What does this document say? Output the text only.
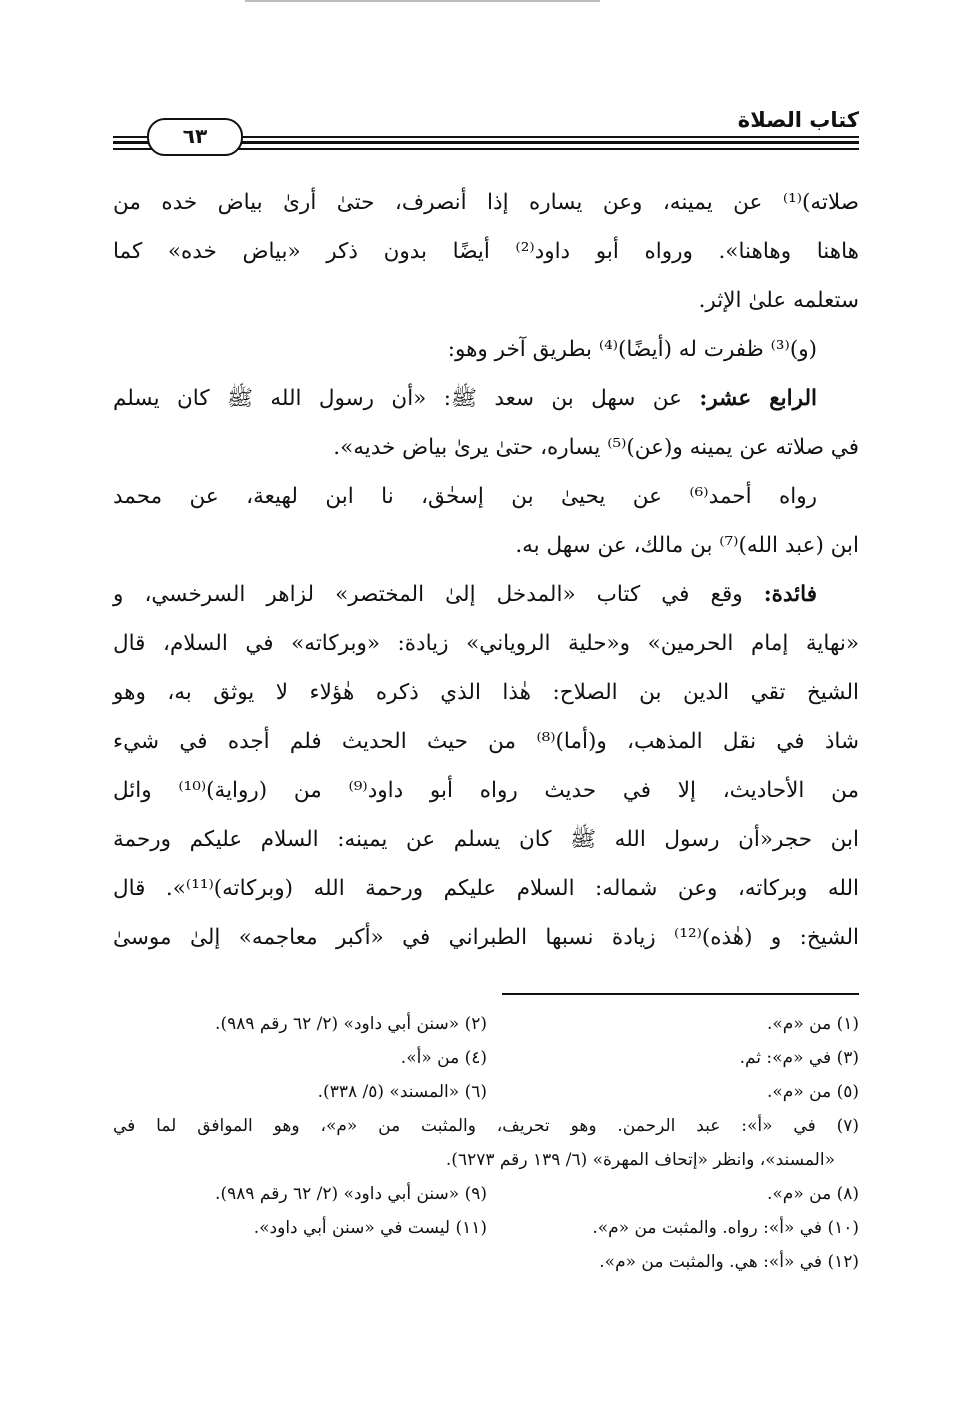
كتاب الصلاة
٦٣
صلاته)⁽¹⁾ عن يمينه، وعن يساره إذا أنصرف، حتىٰ أرىٰ بياض خده من
هاهنا وهاهنا». ورواه أبو داود⁽²⁾ أيضًا بدون ذكر «بياض خده» كما
ستعلمه علىٰ الإثر.
(و)⁽³⁾ ظفرت له (أيضًا)⁽⁴⁾ بطريق آخر وهو:
الرابع عشر: عن سهل بن سعد ﷺ: «أن رسول الله ﷺ كان يسلم
في صلاته عن يمينه و(عن)⁽⁵⁾ يساره، حتىٰ يرىٰ بياض خديه».
رواه أحمد⁽⁶⁾ عن يحيىٰ بن إسحٰق، نا ابن لهيعة، عن محمد
ابن (عبد الله)⁽⁷⁾ بن مالك، عن سهل به.
فائدة: وقع في كتاب «المدخل إلىٰ المختصر» لزاهر السرخسي، و
«نهاية إمام الحرمين» و«حلية الروياني» زيادة: «وبركاته» في السلام، قال
الشيخ تقي الدين بن الصلاح: هٰذا الذي ذكره هٰؤلاء لا يوثق به، وهو
شاذ في نقل المذهب، و(أما)⁽⁸⁾ من حيث الحديث فلم أجده في شيء
من الأحاديث، إلا في حديث رواه أبو داود⁽⁹⁾ من (رواية)⁽¹⁰⁾ وائل
ابن حجر«أن رسول الله ﷺ كان يسلم عن يمينه: السلام عليكم ورحمة
الله وبركاته، وعن شماله: السلام عليكم ورحمة الله (وبركاته)⁽¹¹⁾». قال
الشيخ: و (هٰذه)⁽¹²⁾ زيادة نسبها الطبراني في «أكبر معاجمه» إلىٰ موسىٰ
(١) من «م».
(٢) «سنن أبي داود» (٢/ ٦٢ رقم ٩٨٩).
(٣) في «م»: ثم.
(٤) من «أ».
(٥) من «م».
(٦) «المسند» (٥/ ٣٣٨).
(٧) في «أ»: عبد الرحمن. وهو تحريف، والمثبت من «م»، وهو الموافق لما في
«المسند»، وانظر «إتحاف المهرة» (٦/ ١٣٩ رقم ٦٢٧٣).
(٨) من «م».
(٩) «سنن أبي داود» (٢/ ٦٢ رقم ٩٨٩).
(١٠) في «أ»: رواه. والمثبت من «م».
(١١) ليست في «سنن أبي داود».
(١٢) في «أ»: هي. والمثبت من «م».
